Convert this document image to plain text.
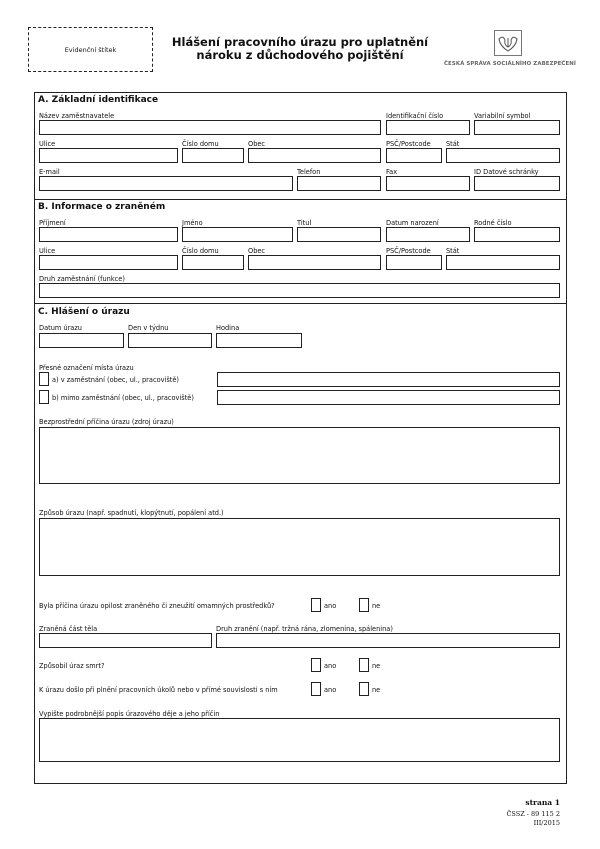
Evidenční štítek
Hlášení pracovního úrazu pro uplatnění
nároku z důchodového pojištění
ČESKÁ SPRÁVA SOCIÁLNÍHO ZABEZPEČENÍ
A. Základní identifikace
Název zaměstnavatele	Identifikační číslo	Variabilní symbol
Ulice	Číslo domu	Obec	PSČ/Postcode Stát
E-mail	Telefon	Fax	ID Datové schránky
B. Informace o zraněném
Příjmení	Jméno	Titul	Datum narození	Rodné číslo
Ulice	Číslo domu	Obec	PSČ/Postcode Stát
Druh zaměstnání (funkce)
C. Hlášení o úrazu
Datum úrazu	Den v týdnu	Hodina
Přesné označení místa úrazu
a) v zaměstnání (obec, ul., pracoviště)
b) mimo zaměstnání (obec, ul., pracoviště)
Bezprostřední příčina úrazu (zdroj úrazu)
Způsob úrazu (např. spadnutí, klopýtnutí, popálení atd.)
Byla příčina úrazu opilost zraněného či zneužití omamných prostředků?	ano	ne
Zraněná část těla	Druh zranění (např. tržná rána, zlomenina, spálenina)
Způsobil úraz smrt?	ano	ne
K úrazu došlo při plnění pracovních úkolů nebo v přímé souvislosti s ním	ano	ne
Vypište podrobnější popis úrazového děje a jeho příčin
strana 1
ČSSZ - 89 115 2
III/2015
